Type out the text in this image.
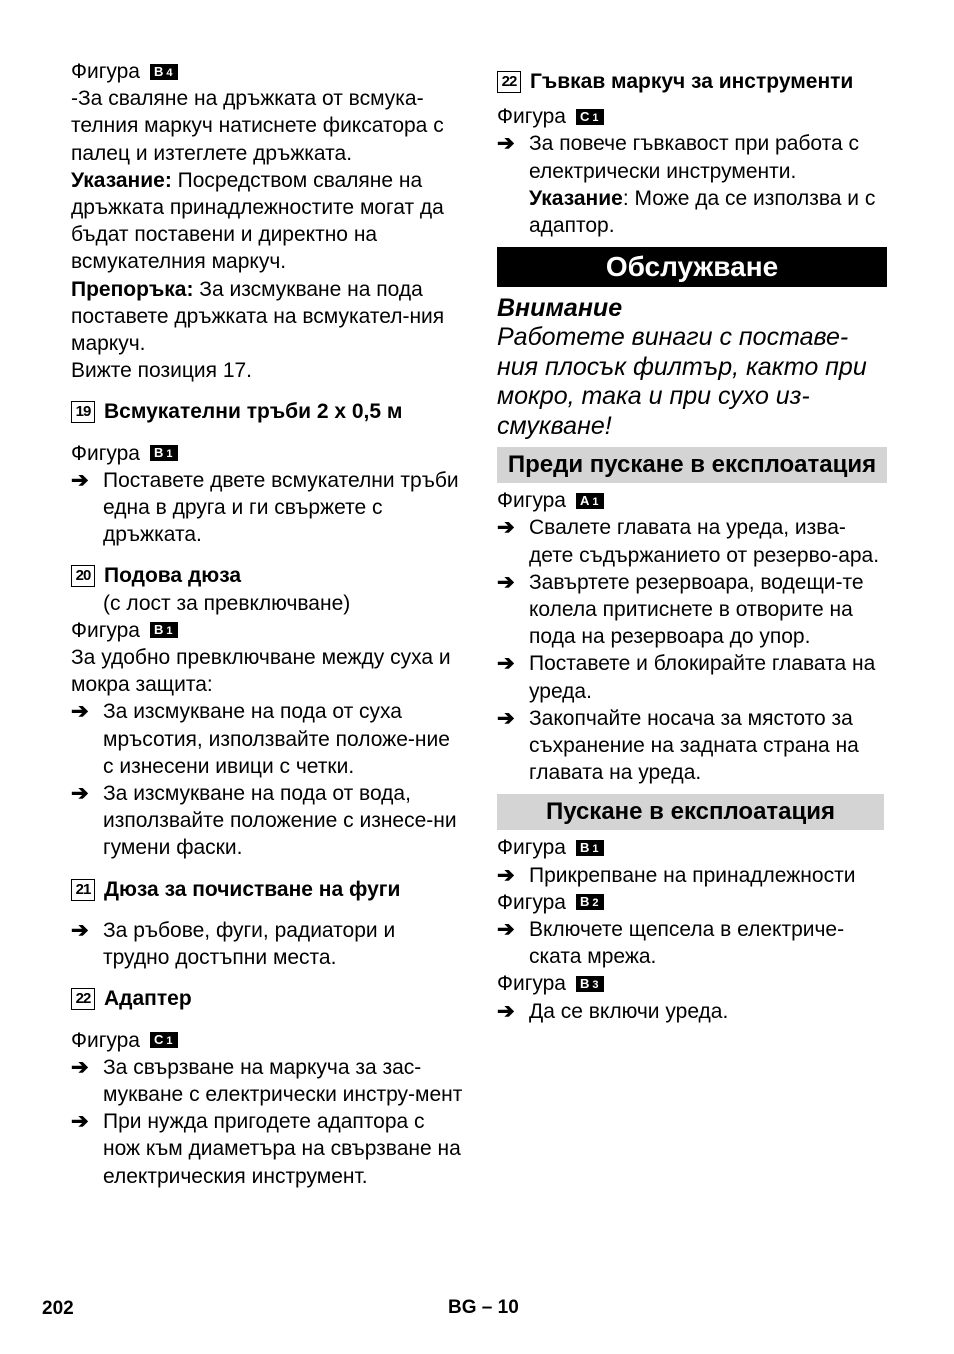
Фигура	B 4

-За сваляне на дръжката от всмука-телния маркуч натиснете фиксатора с палец и изтеглете дръжката.

Указание: Посредством сваляне на дръжката принадлежностите могат да бъдат поставени и директно на всмукателния маркуч.

Препоръка: За изсмукване на пода поставете дръжката на всмукател-ния маркуч.

Вижте позиция 17.

19 Всмукателни тръби 2 х 0,5 м
Фигура	B 1
➔ Поставете двете всмукателни тръби една в друга и ги свържете с дръжката.
20 Подова дюза

(с лост за превключване)

Фигура	B 1

За удобно превключване между суха и мокра защита:

➔ За изсмукване на пода от суха мръсотия, използвайте положе-ние с изнесени ивици с четки.
➔ За изсмукване на пода от вода, използвайте положение с изнесе-ни гумени фаски.
21 Дюза за почистване на фуги
➔ За ръбове, фуги, радиатори и трудно достъпни места.
22 Адаптер
Фигура	C 1
➔ За свързване на маркуча за зас-мукване с електрически инстру-мент
➔ При нужда пригодете адаптора с нож към диаметъра на свързване на електрическия инструмент.
22 Гъвкав маркуч за инструменти
Фигура	C 1
➔ За повече гъвкавост при работа с електрически инструменти.

Указание: Може да се използва и с адаптор.

Обслужване
Внимание
Работете винаги с поставе-ния плосък филтър, както при мокро, така и при сухо из-смукване!
Преди пускане в експлоатация
Фигура	A 1
➔ Свалете главата на уреда, изва-дете съдържанието от резерво-ара.
➔ Завъртете резервоара, водещи-те колела притиснете в отворите на пода на резервоара до упор.
➔ Поставете и блокирайте главата на уреда.
➔ Закопчайте носача за мястото за съхранение на задната страна на главата на уреда.
Пускане в експлоатация
Фигура	B 1
➔ Прикрепване на принадлежности
Фигура	B 2
➔ Включете щепсела в електриче-ската мрежа.
Фигура	B 3
➔ Да се включи уреда.
202	BG – 10
